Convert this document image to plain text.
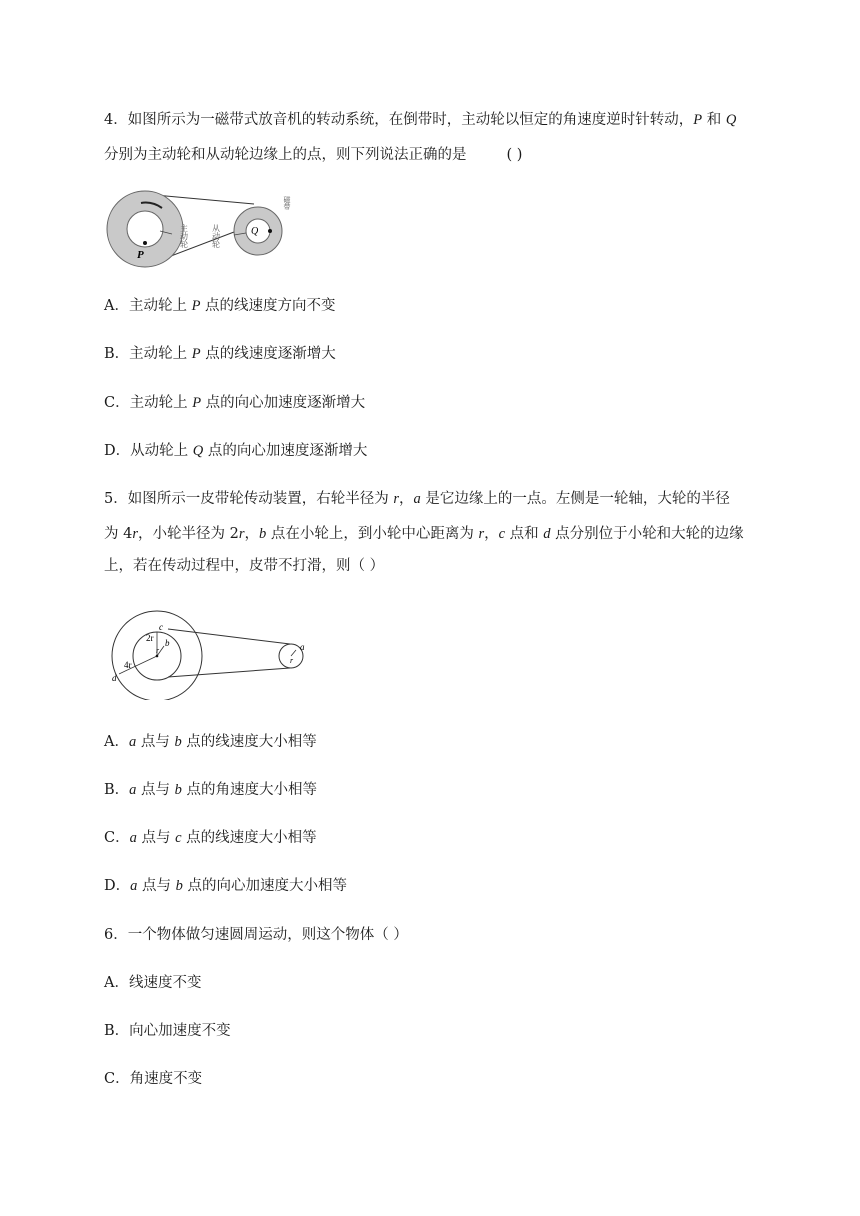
4．如图所示为一磁带式放音机的转动系统，在倒带时，主动轮以恒定的角速度逆时针转动，P 和 Q
分别为主动轮和从动轮边缘上的点，则下列说法正确的是	( )
P
Q
主动轮	从动轮
磁带
A．主动轮上 P 点的线速度方向不变
B．主动轮上 P 点的线速度逐渐增大
C．主动轮上 P 点的向心加速度逐渐增大
D．从动轮上 Q 点的向心加速度逐渐增大
5．如图所示一皮带轮传动装置，右轮半径为 r，a 是它边缘上的一点。左侧是一轮轴，大轮的半径
为 4r，小轮半径为 2r，b 点在小轮上，到小轮中心距离为 r，c 点和 d 点分别位于小轮和大轮的边缘
上，若在传动过程中，皮带不打滑，则（ ）
c
2r b
r
4r
d
a
r
A．a 点与 b 点的线速度大小相等
B．a 点与 b 点的角速度大小相等
C．a 点与 c 点的线速度大小相等
D．a 点与 b 点的向心加速度大小相等
6．一个物体做匀速圆周运动，则这个物体（ ）
A．线速度不变
B．向心加速度不变
C．角速度不变
